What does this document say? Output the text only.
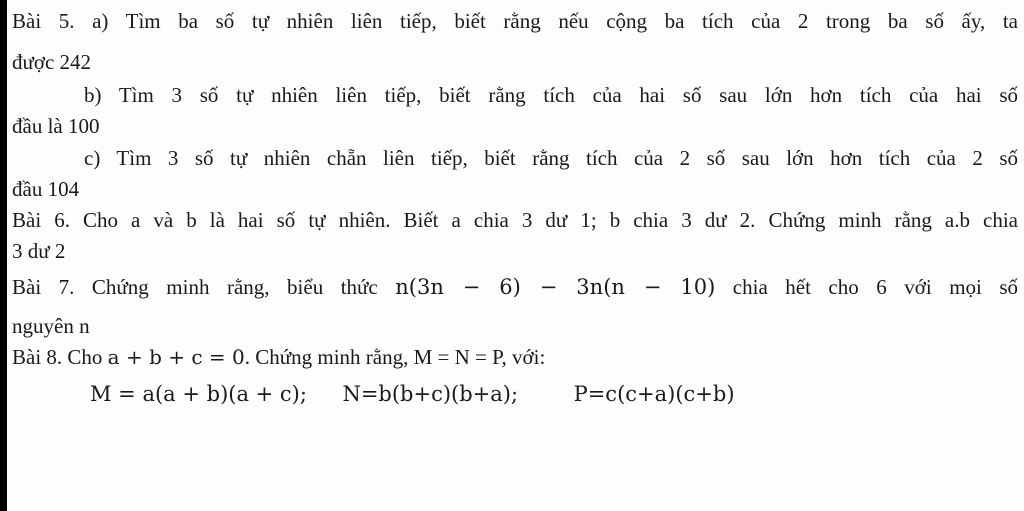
Bài 5. a) Tìm ba số tự nhiên liên tiếp, biết rằng nếu cộng ba tích của 2 trong ba số ấy, ta
được 242
b) Tìm 3 số tự nhiên liên tiếp, biết rằng tích của hai số sau lớn hơn tích của hai số
đầu là 100
c) Tìm 3 số tự nhiên chẵn liên tiếp, biết rằng tích của 2 số sau lớn hơn tích của 2 số
đầu 104
Bài 6. Cho a và b là hai số tự nhiên. Biết a chia 3 dư 1; b chia 3 dư 2. Chứng minh rằng a.b chia
3 dư 2
Bài 7. Chứng minh rằng, biểu thức n(3n − 6) − 3n(n − 10) chia hết cho 6 với mọi số
nguyên n
Bài 8. Cho a + b + c = 0. Chứng minh rằng, M = N = P, với:
M = a(a + b)(a + c); N=b(b+c)(b+a);	P=c(c+a)(c+b)
